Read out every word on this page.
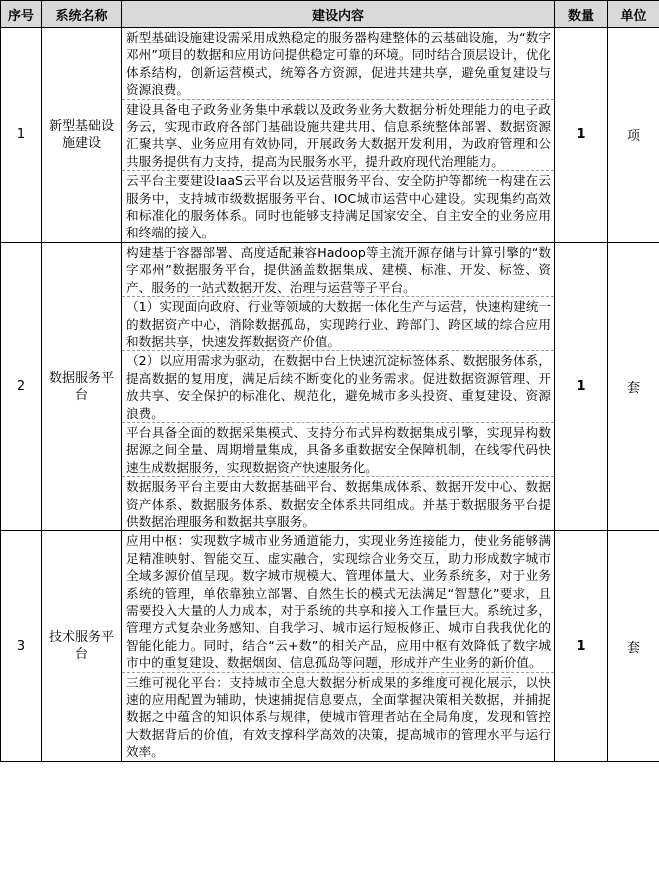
序号	系统名称	建设内容	数量	单位
1	新型基础设施建设	新型基础设施建设需采用成熟稳定的服务器构建整体的云基础设施，为“数字邓州”项目的数据和应用访问提供稳定可靠的环境。同时结合顶层设计，优化体系结构，创新运营模式，统筹各方资源，促进共建共享，避免重复建设与资源浪费。
建设具备电子政务业务集中承载以及政务业务大数据分析处理能力的电子政务云，实现市政府各部门基础设施共建共用、信息系统整体部署、数据资源汇聚共享、业务应用有效协同，开展政务大数据开发利用，为政府管理和公共服务提供有力支持，提高为民服务水平，提升政府现代治理能力。
云平台主要建设IaaS云平台以及运营服务平台、安全防护等都统一构建在云服务中，支持城市级数据服务平台、IOC城市运营中心建设。实现集约高效和标准化的服务体系。同时也能够支持满足国家安全、自主安全的业务应用和终端的接入。	1	项
2	数据服务平台	构建基于容器部署、高度适配兼容Hadoop等主流开源存储与计算引擎的“数字邓州”数据服务平台，提供涵盖数据集成、建模、标准、开发、标签、资产、服务的一站式数据开发、治理与运营等子平台。
（1）实现面向政府、行业等领域的大数据一体化生产与运营，快速构建统一的数据资产中心，消除数据孤岛，实现跨行业、跨部门、跨区域的综合应用和数据共享，快速发挥数据资产价值。
（2）以应用需求为驱动，在数据中台上快速沉淀标签体系、数据服务体系，提高数据的复用度，满足后续不断变化的业务需求。促进数据资源管理、开放共享、安全保护的标准化、规范化，避免城市多头投资、重复建设、资源浪费。
平台具备全面的数据采集模式、支持分布式异构数据集成引擎，实现异构数据源之间全量、周期增量集成，具备多重数据安全保障机制，在线零代码快速生成数据服务，实现数据资产快速服务化。
数据服务平台主要由大数据基础平台、数据集成体系、数据开发中心、数据资产体系、数据服务体系、数据安全体系共同组成。并基于数据服务平台提供数据治理服务和数据共享服务。	1	套
3	技术服务平台	应用中枢：实现数字城市业务通道能力，实现业务连接能力，使业务能够满足精准映射、智能交互、虚实融合，实现综合业务交互，助力形成数字城市全域多源价值呈现。数字城市规模大、管理体量大、业务系统多，对于业务系统的管理，单依靠独立部署、自然生长的模式无法满足“智慧化”要求，且需要投入大量的人力成本，对于系统的共享和接入工作量巨大。系统过多，管理方式复杂业务感知、自我学习、城市运行短板修正、城市自我我优化的智能化能力。同时，结合“云+数”的相关产品，应用中枢有效降低了数字城市中的重复建设、数据烟囱、信息孤岛等问题，形成并产生业务的新价值。
三维可视化平台：支持城市全息大数据分析成果的多维度可视化展示，以快速的应用配置为辅助，快速捕捉信息要点，全面掌握决策相关数据，并捕捉数据之中蕴含的知识体系与规律，使城市管理者站在全局角度，发现和管控大数据背后的价值，有效支撑科学高效的决策，提高城市的管理水平与运行效率。	1	套
